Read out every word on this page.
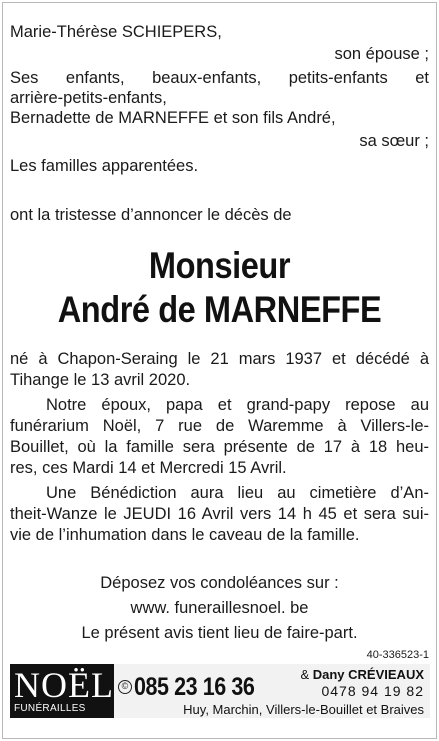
Marie-Thérèse SCHIEPERS,
son épouse ;
Ses enfants, beaux-enfants, petits-enfants et
arrière-petits-enfants,
Bernadette de MARNEFFE et son fils André,
sa sœur ;
Les familles apparentées.
ont la tristesse d’annoncer le décès de
Monsieur
André de MARNEFFE
né à Chapon-Seraing le 21 mars 1937 et décédé à
Tihange le 13 avril 2020.
Notre époux, papa et grand-papy repose au
funérarium Noël, 7 rue de Waremme à Villers-le-
Bouillet, où la famille sera présente de 17 à 18 heu-
res, ces Mardi 14 et Mercredi 15 Avril.
Une Bénédiction aura lieu au cimetière d’An-
theit-Wanze le JEUDI 16 Avril vers 14 h 45 et sera sui-
vie de l’inhumation dans le caveau de la famille.
Déposez vos condoléances sur :
www. funeraillesnoel. be
Le présent avis tient lieu de faire-part.
40-336523-1
NOËL
FUNÉRAILLES
© 085 23 16 36	& Dany CRÉVIEAUX
0478 94 19 82
Huy, Marchin, Villers-le-Bouillet et Braives
